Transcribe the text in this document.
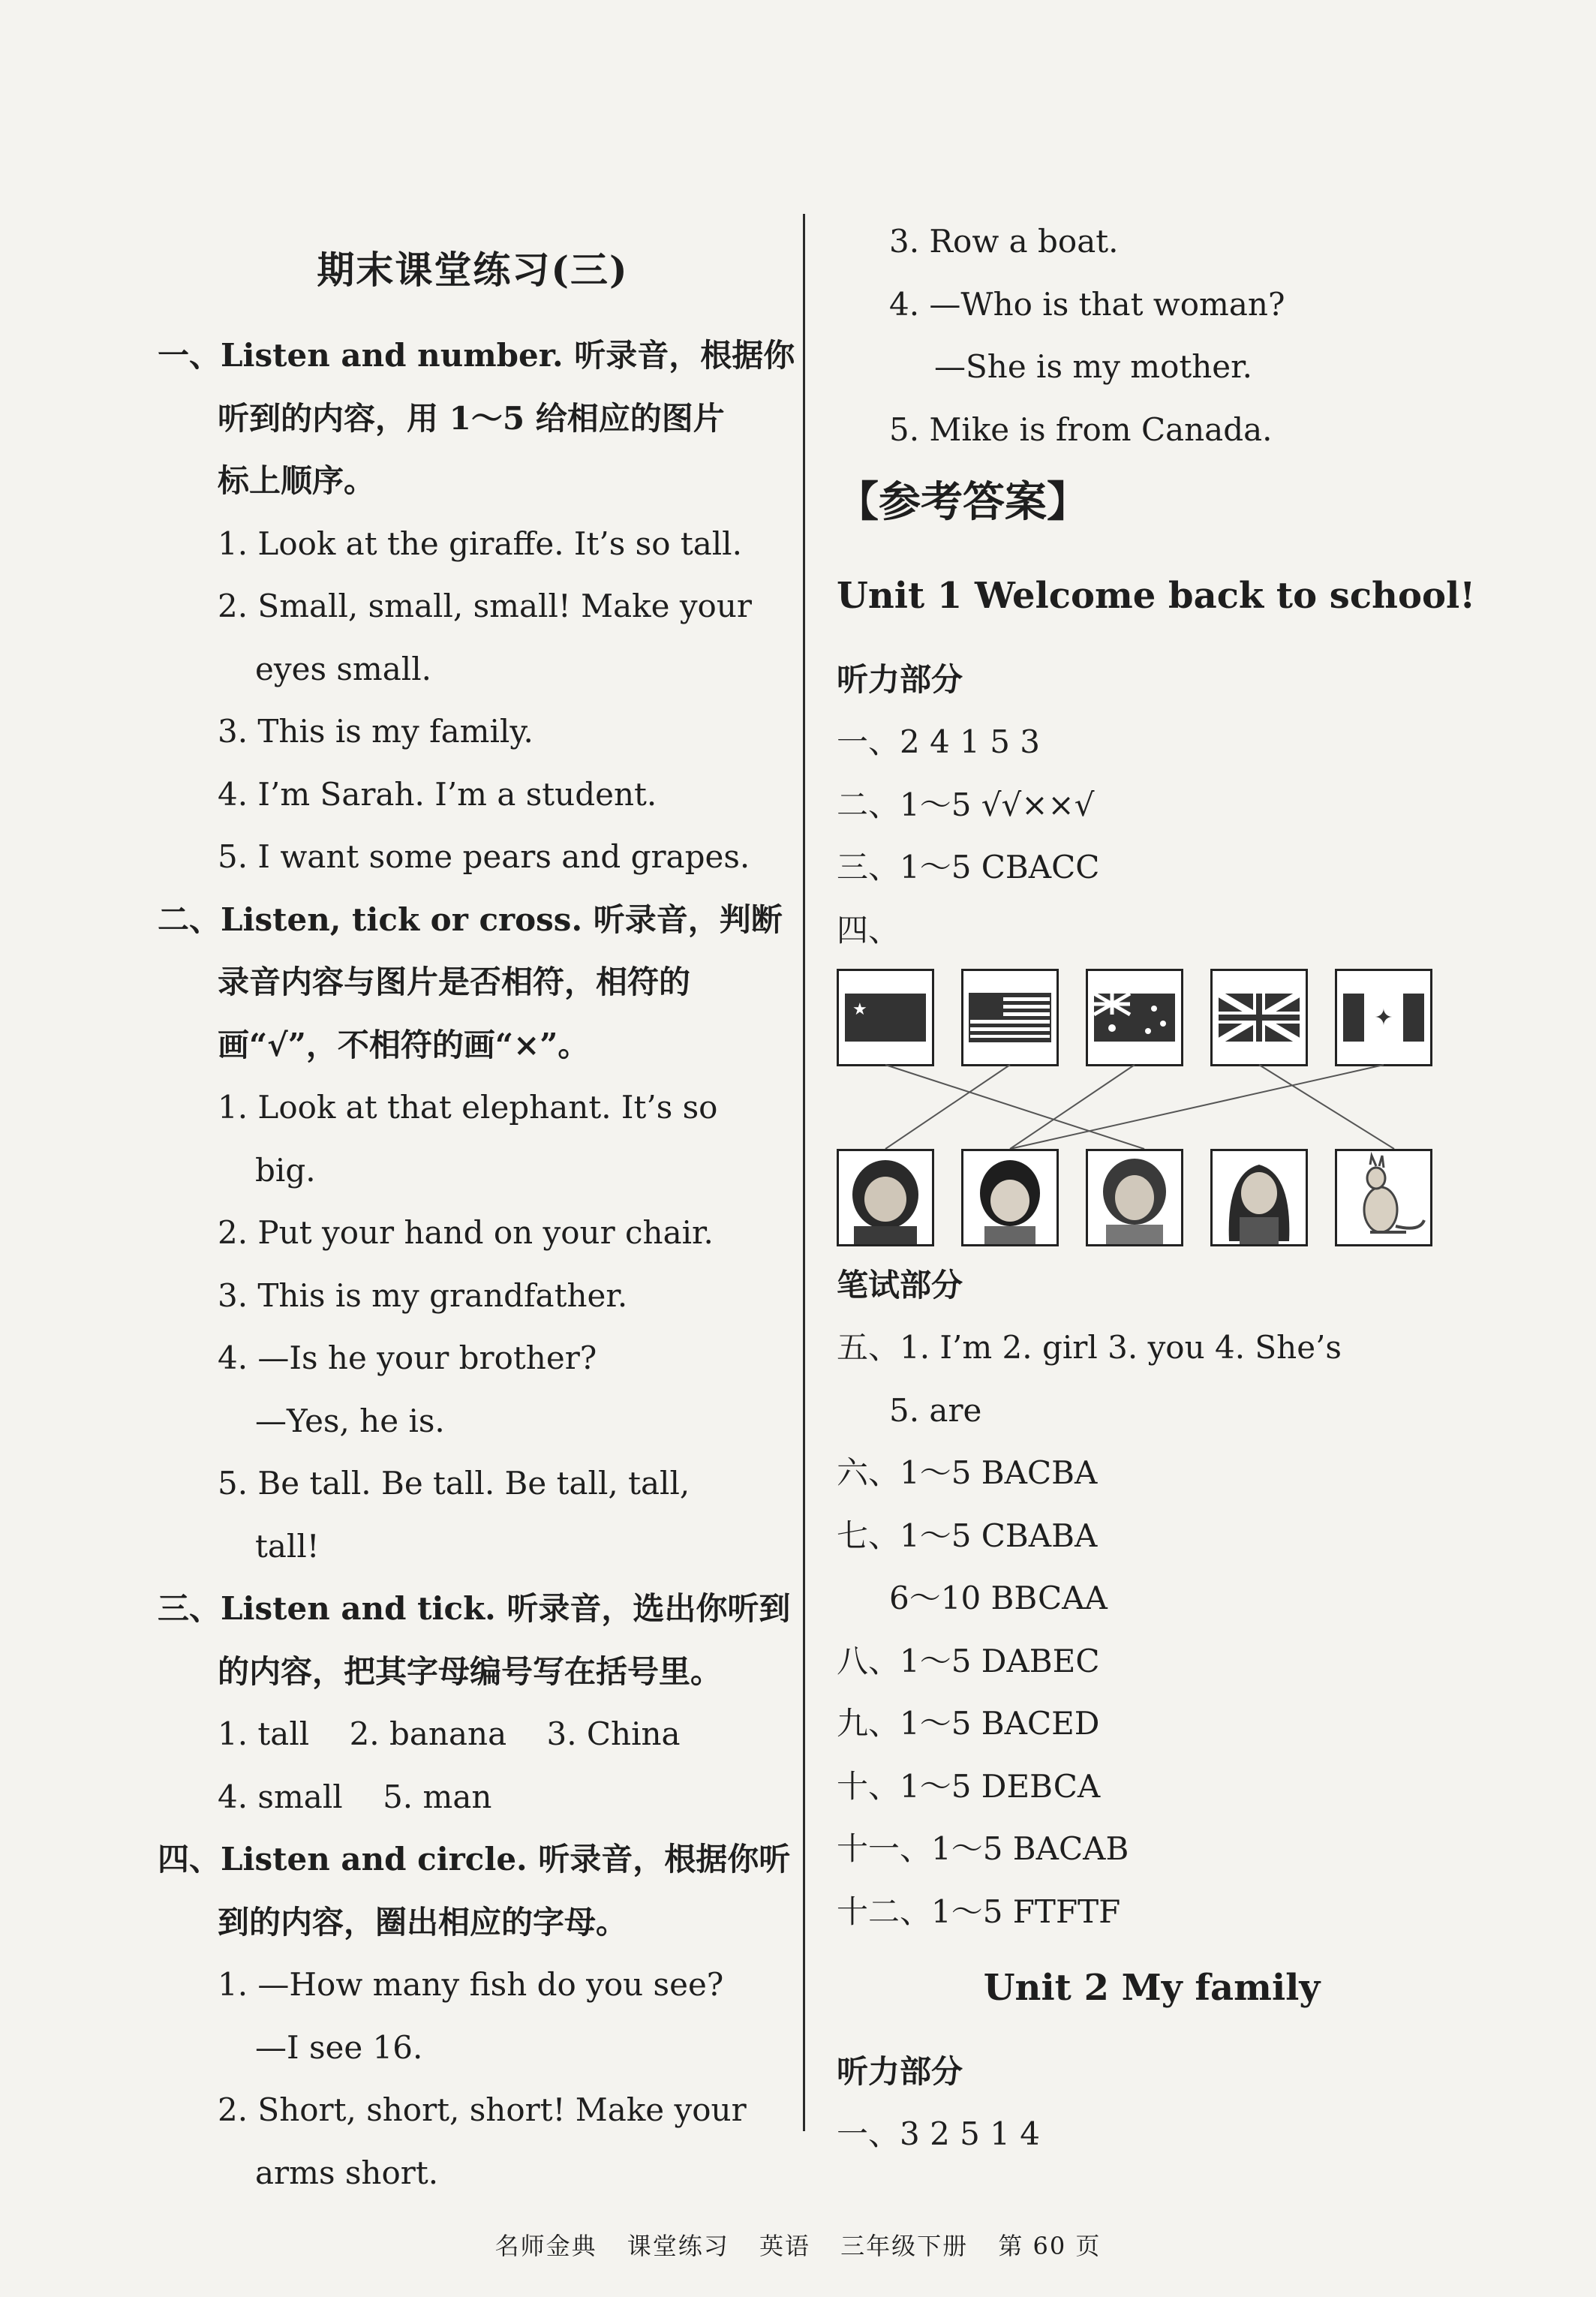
期末课堂练习(三)
一、Listen and number. 听录音，根据你
听到的内容，用 1～5 给相应的图片
标上顺序。
1. Look at the giraffe. It’s so tall.
2. Small, small, small! Make your
eyes small.
3. This is my family.
4. I’m Sarah. I’m a student.
5. I want some pears and grapes.
二、Listen, tick or cross. 听录音，判断
录音内容与图片是否相符，相符的
画“√”，不相符的画“×”。
1. Look at that elephant. It’s so
big.
2. Put your hand on your chair.
3. This is my grandfather.
4. —Is he your brother?
—Yes, he is.
5. Be tall. Be tall. Be tall, tall,
tall!
三、Listen and tick. 听录音，选出你听到
的内容，把其字母编号写在括号里。
1. tall 2. banana 3. China
4. small 5. man
四、Listen and circle. 听录音，根据你听
到的内容，圈出相应的字母。
1. —How many fish do you see?
—I see 16.
2. Short, short, short! Make your
arms short.
3. Row a boat.
4. —Who is that woman?
—She is my mother.
5. Mike is from Canada.
【参考答案】
Unit 1 Welcome back to school!
听力部分
一、2 4 1 5 3
二、1～5 √√××√
三、1～5 CBACC
四、
★	✦
笔试部分
五、1. I’m 2. girl 3. you 4. She’s
5. are
六、1～5 BACBA
七、1～5 CBABA
6～10 BBCAA
八、1～5 DABEC
九、1～5 BACED
十、1～5 DEBCA
十一、1～5 BACAB
十二、1～5 FTFTF
Unit 2 My family
听力部分
一、3 2 5 1 4
名师金典 课堂练习 英语 三年级下册 第 60 页
